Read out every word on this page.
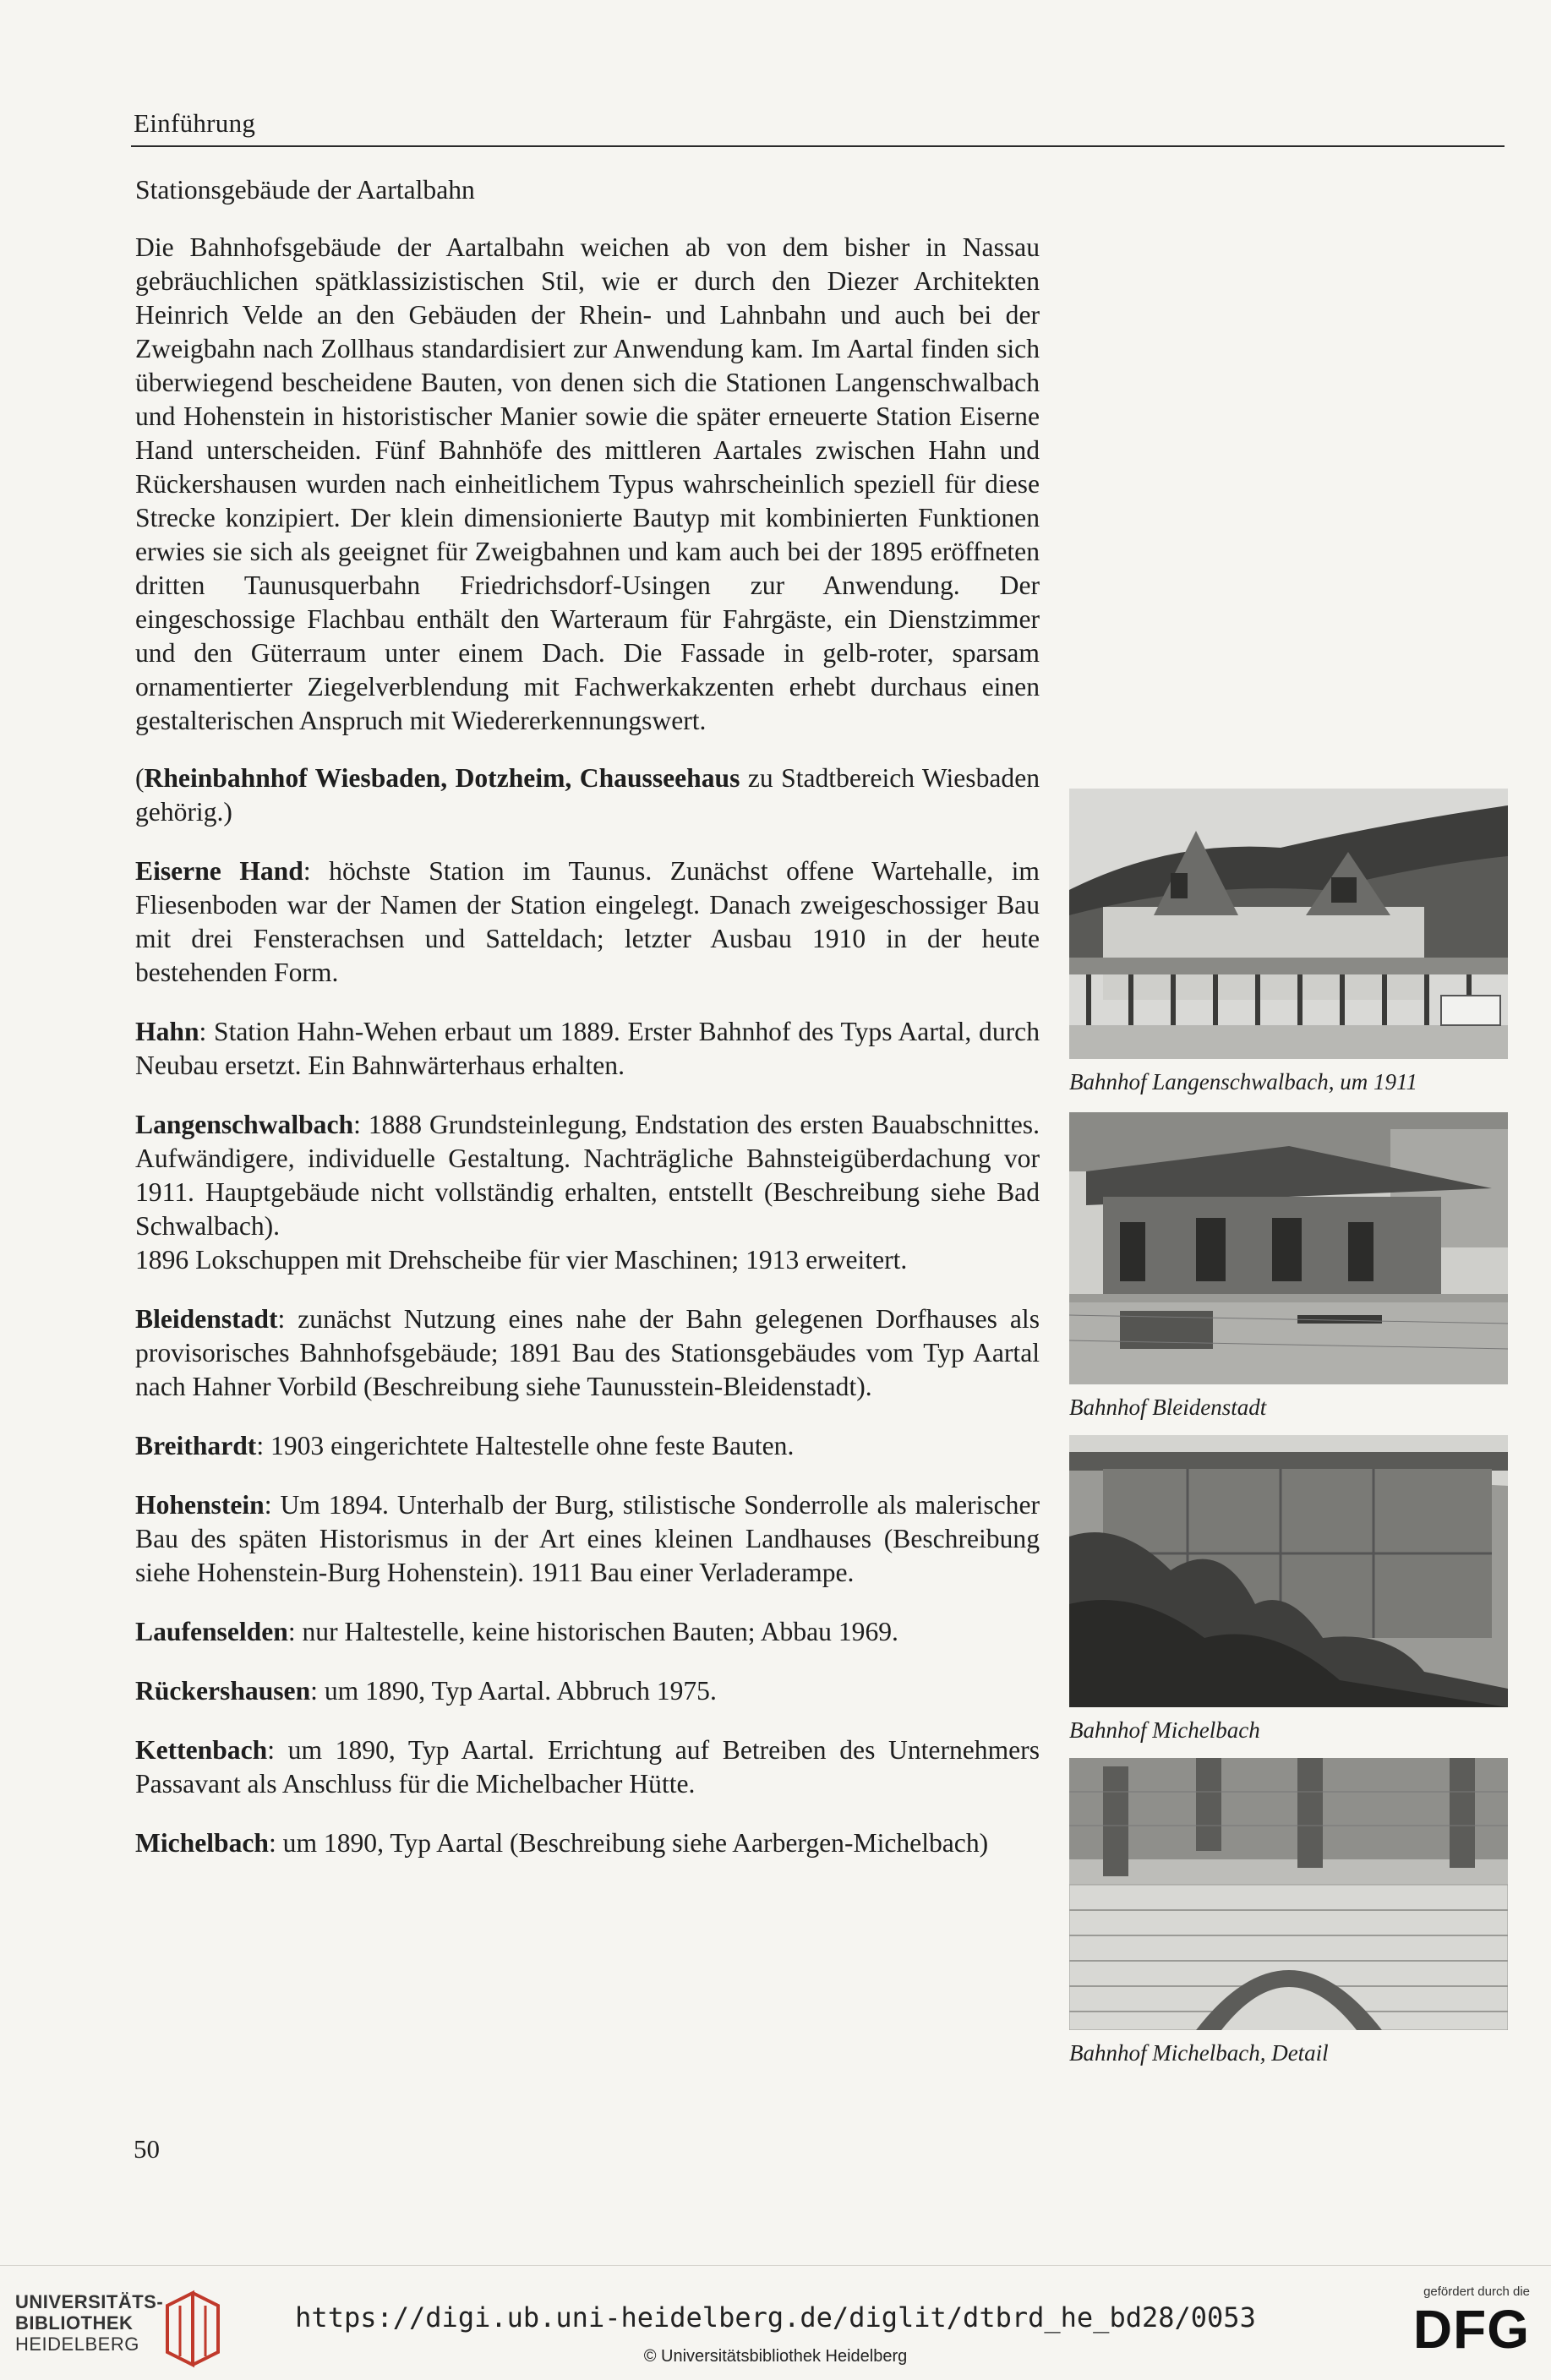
Einführung
Stationsgebäude der Aartalbahn

Die Bahnhofsgebäude der Aartalbahn weichen ab von dem bisher in Nassau gebräuchlichen spätklassizistischen Stil, wie er durch den Diezer Architekten Heinrich Velde an den Gebäuden der Rhein- und Lahnbahn und auch bei der Zweigbahn nach Zollhaus standardisiert zur Anwendung kam. Im Aartal finden sich überwiegend bescheidene Bauten, von denen sich die Stationen Langenschwalbach und Hohenstein in historistischer Manier sowie die später erneuerte Station Eiserne Hand unterscheiden. Fünf Bahnhöfe des mittleren Aartales zwischen Hahn und Rückershausen wurden nach einheitlichem Typus wahrscheinlich speziell für diese Strecke konzipiert. Der klein dimensionierte Bautyp mit kombinierten Funktionen erwies sie sich als geeignet für Zweigbahnen und kam auch bei der 1895 eröffneten dritten Taunusquerbahn Friedrichsdorf-Usingen zur Anwendung. Der eingeschossige Flachbau enthält den Warteraum für Fahrgäste, ein Dienstzimmer und den Güterraum unter einem Dach. Die Fassade in gelb-roter, sparsam ornamentierter Ziegelverblendung mit Fachwerkakzenten erhebt durchaus einen gestalterischen Anspruch mit Wiedererkennungswert.

(Rheinbahnhof Wiesbaden, Dotzheim, Chausseehaus zu Stadtbereich Wiesbaden gehörig.)

Eiserne Hand: höchste Station im Taunus. Zunächst offene Wartehalle, im Fliesenboden war der Namen der Station eingelegt. Danach zweigeschossiger Bau mit drei Fensterachsen und Satteldach; letzter Ausbau 1910 in der heute bestehenden Form.

Hahn: Station Hahn-Wehen erbaut um 1889. Erster Bahnhof des Typs Aartal, durch Neubau ersetzt. Ein Bahnwärterhaus erhalten.

Langenschwalbach: 1888 Grundsteinlegung, Endstation des ersten Bauabschnittes. Aufwändigere, individuelle Gestaltung. Nachträgliche Bahnsteigüberdachung vor 1911. Hauptgebäude nicht vollständig erhalten, entstellt (Beschreibung siehe Bad Schwalbach).
1896 Lokschuppen mit Drehscheibe für vier Maschinen; 1913 erweitert.

Bleidenstadt: zunächst Nutzung eines nahe der Bahn gelegenen Dorfhauses als provisorisches Bahnhofsgebäude; 1891 Bau des Stationsgebäudes vom Typ Aartal nach Hahner Vorbild (Beschreibung siehe Taunusstein-Bleidenstadt).

Breithardt: 1903 eingerichtete Haltestelle ohne feste Bauten.

Hohenstein: Um 1894. Unterhalb der Burg, stilistische Sonderrolle als malerischer Bau des späten Historismus in der Art eines kleinen Landhauses (Beschreibung siehe Hohenstein-Burg Hohenstein). 1911 Bau einer Verladerampe.

Laufenselden: nur Haltestelle, keine historischen Bauten; Abbau 1969.

Rückershausen: um 1890, Typ Aartal. Abbruch 1975.

Kettenbach: um 1890, Typ Aartal. Errichtung auf Betreiben des Unternehmers Passavant als Anschluss für die Michelbacher Hütte.

Michelbach: um 1890, Typ Aartal (Beschreibung siehe Aarbergen-Michelbach)

Bahnhof Langenschwalbach, um 1911
Bahnhof Bleidenstadt
Bahnhof Michelbach
Bahnhof Michelbach, Detail
50
UNIVERSITÄTS-
BIBLIOTHEK
HEIDELBERG
https://digi.ub.uni-heidelberg.de/diglit/dtbrd_he_bd28/0053
© Universitätsbibliothek Heidelberg
gefördert durch die
DFG
